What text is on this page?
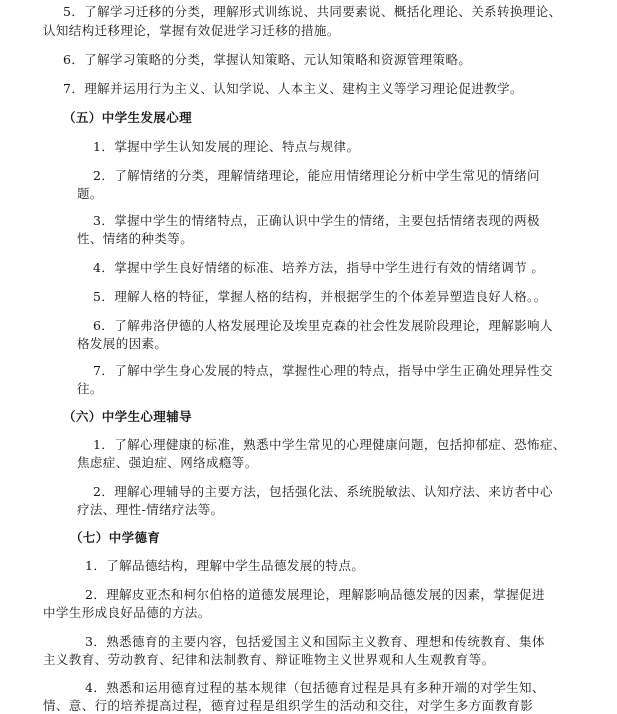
5．了解学习迁移的分类，理解形式训练说、共同要素说、概括化理论、关系转换理论、
认知结构迁移理论，掌握有效促进学习迁移的措施。
6．了解学习策略的分类，掌握认知策略、元认知策略和资源管理策略。
7．理解并运用行为主义、认知学说、人本主义、建构主义等学习理论促进教学。
（五）中学生发展心理
1．掌握中学生认知发展的理论、特点与规律。
2．了解情绪的分类，理解情绪理论，能应用情绪理论分析中学生常见的情绪问
题。
3．掌握中学生的情绪特点，正确认识中学生的情绪，主要包括情绪表现的两极
性、情绪的种类等。
4．掌握中学生良好情绪的标准、培养方法，指导中学生进行有效的情绪调节 。
5．理解人格的特征，掌握人格的结构，并根据学生的个体差异塑造良好人格。。
6．了解弗洛伊德的人格发展理论及埃里克森的社会性发展阶段理论，理解影响人
格发展的因素。
7．了解中学生身心发展的特点，掌握性心理的特点，指导中学生正确处理异性交
往。
（六）中学生心理辅导
1．了解心理健康的标准，熟悉中学生常见的心理健康问题，包括抑郁症、恐怖症、
焦虑症、强迫症、网络成瘾等。
2．理解心理辅导的主要方法，包括强化法、系统脱敏法、认知疗法、来访者中心
疗法、理性-情绪疗法等。
（七）中学德育
1．了解品德结构，理解中学生品德发展的特点。
2．理解皮亚杰和柯尔伯格的道德发展理论，理解影响品德发展的因素，掌握促进
中学生形成良好品德的方法。
3．熟悉德育的主要内容，包括爱国主义和国际主义教育、理想和传统教育、集体
主义教育、劳动教育、纪律和法制教育、辩证唯物主义世界观和人生观教育等。
4．熟悉和运用德育过程的基本规律（包括德育过程是具有多种开端的对学生知、
情、意、行的培养提高过程，德育过程是组织学生的活动和交往，对学生多方面教育影
